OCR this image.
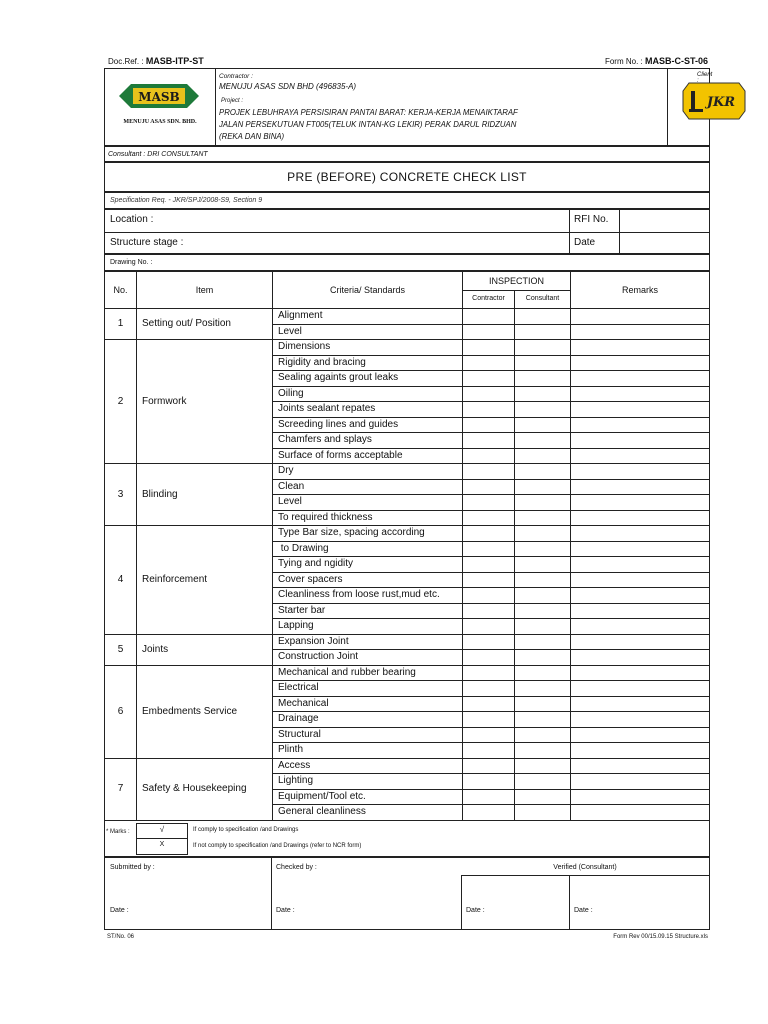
Doc.Ref. : MASB-ITP-ST	Form No. : MASB-C-ST-06
MASB
MENUJU ASAS SDN. BHD.
Contractor :
MENUJU ASAS SDN BHD (496835-A)
Project :
PROJEK LEBUHRAYA PERSISIRAN PANTAI BARAT: KERJA-KERJA MENAIKTARAF
JALAN PERSEKUTUAN FT005(TELUK INTAN-KG LEKIR) PERAK DARUL RIDZUAN
(REKA DAN BINA)
Client :
JKR
Consultant : DRI CONSULTANT
PRE (BEFORE) CONCRETE CHECK LIST
Specification Req. - JKR/SPJ/2008-S9, Section 9
Location :
Structure stage :
RFI No.
Date
Drawing No. :
No.	Item	Criteria/ Standards	INSPECTION		Remarks
			Contractor	Consultant	
1	Setting out/ Position	Alignment			
		Level			
2	Formwork	Dimensions			
		Rigidity and bracing			
		Sealing againts grout leaks			
		Oiling			
		Joints sealant repates			
		Screeding lines and guides			
		Chamfers and splays			
		Surface of forms acceptable			
3	Blinding	Dry			
		Clean			
		Level			
		To required thickness			
4	Reinforcement	Type Bar size, spacing according			
		to Drawing			
		Tying and ngidity			
		Cover spacers			
		Cleanliness from loose rust,mud etc.			
		Starter bar			
		Lapping			
5	Joints	Expansion Joint			
		Construction Joint			
6	Embedments Service	Mechanical and rubber bearing			
		Electrical			
		Mechanical			
		Drainage			
		Structural			
		Plinth			
7	Safety & Housekeeping	Access			
		Lighting			
		Equipment/Tool etc.			
		General cleanliness			
* Marks :	√
X
If comply to specification /and Drawings
If not comply to specification /and Drawings (refer to NCR form)
Submitted by :	Checked by :	Verified (Consultant)
Date :	Date :	Date :	Date :
ST/No. 06	Form Rev 00/15.09.15 Structure.xls
